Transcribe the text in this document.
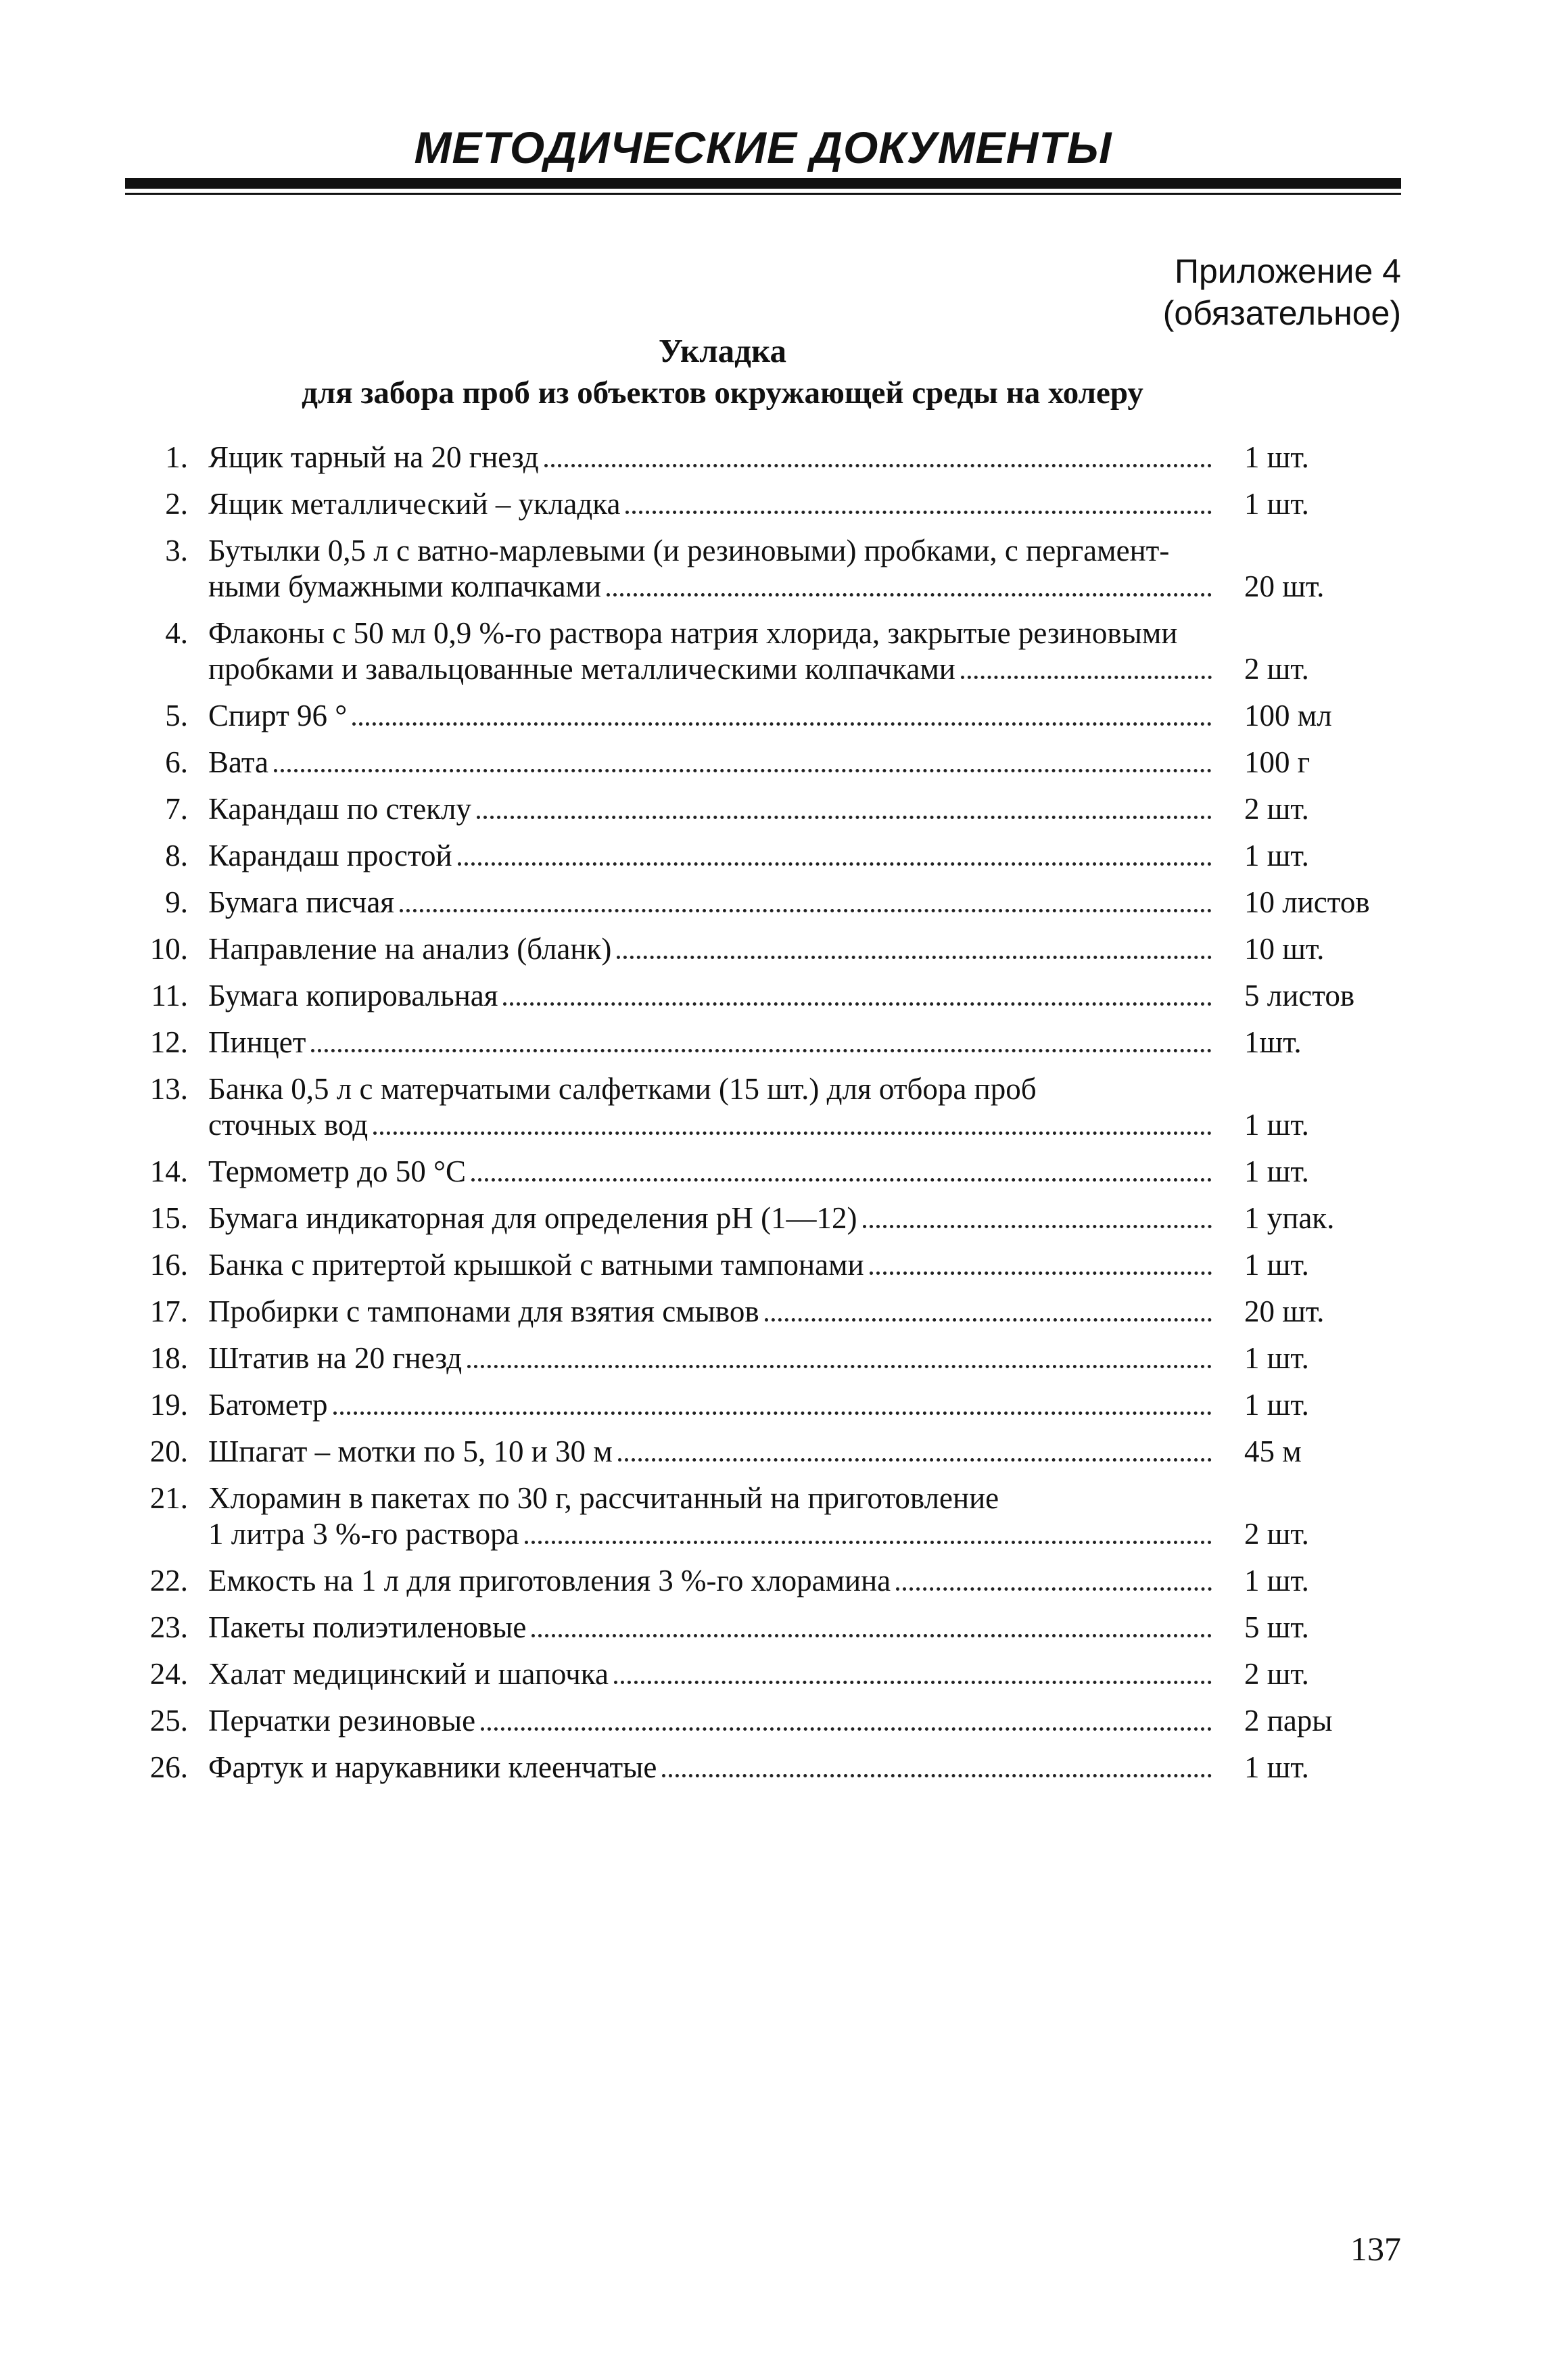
МЕТОДИЧЕСКИЕ ДОКУМЕНТЫ
Приложение 4
(обязательное)
Укладка
для забора проб из объектов окружающей среды на холеру
1. Ящик тарный на 20 гнезд	1 шт.
2. Ящик металлический – укладка	1 шт.
3. Бутылки 0,5 л с ватно-марлевыми (и резиновыми) пробками, с пергамент-
ными бумажными колпачками	20 шт.
4. Флаконы с 50 мл 0,9 %-го раствора натрия хлорида, закрытые резиновыми
пробками и завальцованные металлическими колпачками	2 шт.
5. Спирт 96 °	100 мл
6. Вата	100 г
7. Карандаш по стеклу	2 шт.
8. Карандаш простой	1 шт.
9. Бумага писчая	10 листов
10. Направление на анализ (бланк)	10 шт.
11. Бумага копировальная	5 листов
12. Пинцет	1шт.
13. Банка 0,5 л с матерчатыми салфетками (15 шт.) для отбора проб
сточных вод	1 шт.
14. Термометр до 50 °С	1 шт.
15. Бумага индикаторная для определения рН (1—12)	1 упак.
16. Банка с притертой крышкой с ватными тампонами	1 шт.
17. Пробирки с тампонами для взятия смывов	20 шт.
18. Штатив на 20 гнезд	1 шт.
19. Батометр	1 шт.
20. Шпагат – мотки по 5, 10 и 30 м	45 м
21. Хлорамин в пакетах по 30 г, рассчитанный на приготовление
1 литра 3 %-го раствора	2 шт.
22. Емкость на 1 л для приготовления 3 %-го хлорамина	1 шт.
23. Пакеты полиэтиленовые	5 шт.
24. Халат медицинский и шапочка	2 шт.
25. Перчатки резиновые	2 пары
26. Фартук и нарукавники клеенчатые	1 шт.
137
